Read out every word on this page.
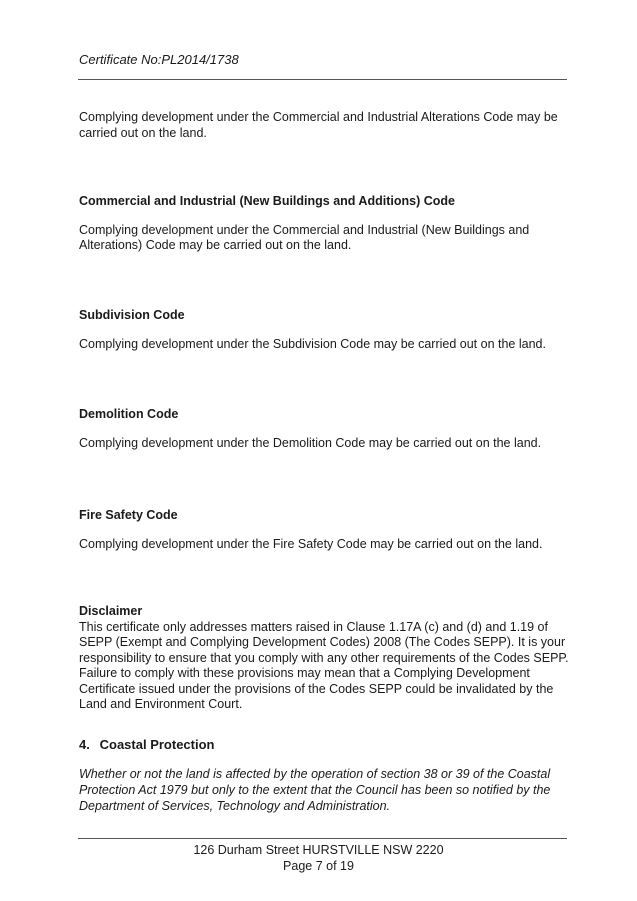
Certificate No:PL2014/1738

Complying development under the Commercial and Industrial Alterations Code may be carried out on the land.

Commercial and Industrial (New Buildings and Additions) Code

Complying development under the Commercial and Industrial (New Buildings and Alterations) Code may be carried out on the land.

Subdivision Code

Complying development under the Subdivision Code may be carried out on the land.

Demolition Code

Complying development under the Demolition Code may be carried out on the land.

Fire Safety Code

Complying development under the Fire Safety Code may be carried out on the land.

Disclaimer

This certificate only addresses matters raised in Clause 1.17A (c) and (d) and 1.19 of SEPP (Exempt and Complying Development Codes) 2008 (The Codes SEPP). It is your responsibility to ensure that you comply with any other requirements of the Codes SEPP. Failure to comply with these provisions may mean that a Complying Development Certificate issued under the provisions of the Codes SEPP could be invalidated by the Land and Environment Court.

4. Coastal Protection
Whether or not the land is affected by the operation of section 38 or 39 of the Coastal Protection Act 1979 but only to the extent that the Council has been so notified by the Department of Services, Technology and Administration.
126 Durham Street HURSTVILLE NSW 2220
Page 7 of 19
